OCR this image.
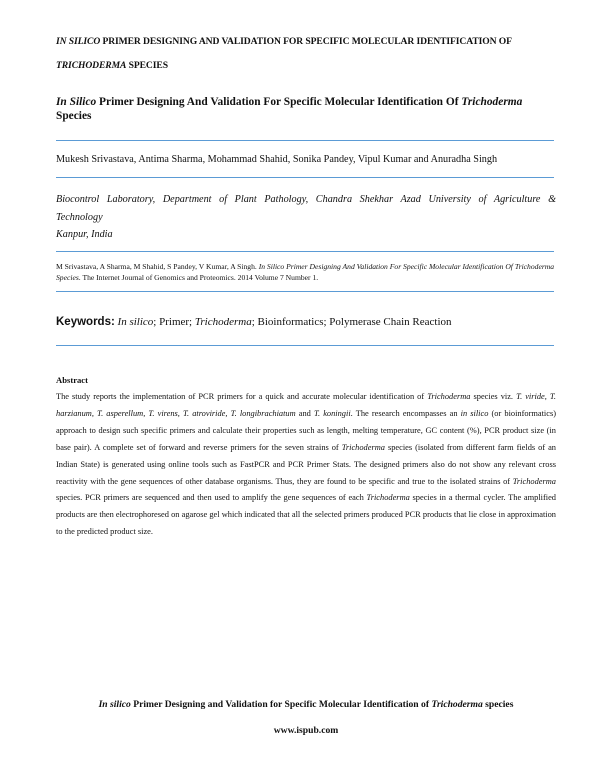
IN SILICO PRIMER DESIGNING AND VALIDATION FOR SPECIFIC MOLECULAR IDENTIFICATION OF
TRICHODERMA SPECIES
In Silico Primer Designing And Validation For Specific Molecular Identification Of Trichoderma Species
Mukesh Srivastava, Antima Sharma, Mohammad Shahid, Sonika Pandey, Vipul Kumar and Anuradha Singh
Biocontrol Laboratory, Department of Plant Pathology, Chandra Shekhar Azad University of Agriculture &
Technology
Kanpur, India
M Srivastava, A Sharma, M Shahid, S Pandey, V Kumar, A Singh. In Silico Primer Designing And Validation For Specific Molecular Identification Of Trichoderma Species. The Internet Journal of Genomics and Proteomics. 2014 Volume 7 Number 1.
Keywords: In silico; Primer; Trichoderma; Bioinformatics; Polymerase Chain Reaction
Abstract
The study reports the implementation of PCR primers for a quick and accurate molecular identification of Trichoderma species viz. T. viride, T. harzianum, T. asperellum, T. virens, T. atroviride, T. longibrachiatum and T. koningii. The research encompasses an in silico (or bioinformatics) approach to design such specific primers and calculate their properties such as length, melting temperature, GC content (%), PCR product size (in base pair). A complete set of forward and reverse primers for the seven strains of Trichoderma species (isolated from different farm fields of an Indian State) is generated using online tools such as FastPCR and PCR Primer Stats. The designed primers also do not show any relevant cross reactivity with the gene sequences of other database organisms. Thus, they are found to be specific and true to the isolated strains of Trichoderma species. PCR primers are sequenced and then used to amplify the gene sequences of each Trichoderma species in a thermal cycler. The amplified products are then electrophoresed on agarose gel which indicated that all the selected primers produced PCR products that lie close in approximation to the predicted product size.
In silico Primer Designing and Validation for Specific Molecular Identification of Trichoderma species
www.ispub.com
